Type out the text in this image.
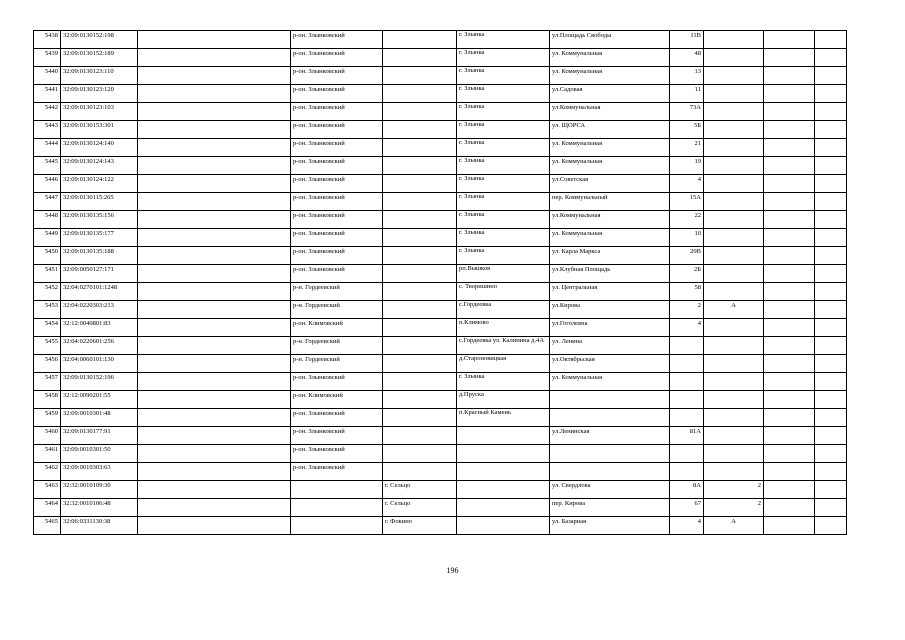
5438	32:09:0130152:198		р-он. Злынковский		г. Злынка	ул.Площадь Свободы	11В			
5439	32:09:0130152:189		р-он. Злынковский		г. Злынка	ул. Коммунальная	48			
5440	32:09:0130123:110		р-он. Злынковский		г. Злынка	ул. Коммунальная	13			
5441	32:09:0130123:120		р-он. Злынковский		г. Злынка	ул.Садовая	11			
5442	32:09:0130123:103		р-он. Злынковский		г. Злынка	ул.Коммунальная	73А			
5443	32:09:0130153:301		р-он. Злынковский		г. Злынка	ул. ЩОРСА	5Б			
5444	32:09:0130124:140		р-он. Злынковский		г. Злынка	ул. Коммунальная	21			
5445	32:09:0130124:143		р-он. Злынковский		г. Злынка	ул. Коммунальная	19			
5446	32:09:0130124:122		р-он. Злынковский		г. Злынка	ул.Советская	4			
5447	32:09:0130115:265		р-он. Злынковский		г. Злынка	пер. Коммунальный	15А			
5448	32:09:0130135:156		р-он. Злынковский		г. Злынка	ул.Коммунальная	22			
5449	32:09:0130135:177		р-он. Злынковский		г. Злынка	ул. Коммунальная	10			
5450	32:09:0130135:188		р-он. Злынковский		г. Злынка	ул. Карла Маркса	20В			
5451	32:09:0050127:171		р-он. Злынковский		рп.Вышков	ул.Клубная Площадь	2Б			
5452	32:04:0270101:1248		р-н. Гордеевский		с. Творишино	ул. Центральная	58			
5453	32:04:0220303:213		р-н. Гордеевский		с.Гордеевка	ул.Кирова	2	А		
5454	32:12:0040801:83		р-он. Климовский		п.Климово	ул.Гоголевна	4			
5455	32:04:0220601:256		р-н. Гордеевский		с.Гордеевка ул. Калинина д.4А	ул. Ленина				
5456	32:04:0060101:130		р-н. Гордеевский		д.Староновицкая	ул.Октябрьская				
5457	32:09:0130152:196		р-он. Злынковский		г. Злынка	ул. Коммунальная				
5458	32:12:0090201:55		р-он. Климовский		д.Пруска					
5459	32:09:0010301:48		р-он. Злынковский		п.Красный Камень					
5460	32:09:0130177:91		р-он. Злынковский			ул.Ленинская	81А			
5461	32:09:0010301:50		р-он. Злынковский							
5462	32:09:0010303:63		р-он. Злынковский							
5463	32:32:0010109:30			г. Сельцо		ул. Свердлова	8А	2		
5464	32:32:0010106:48			г. Сельцо		пер. Кирова	67	2		
5465	32:06:0331130:38			г. Фокино		ул. Базарная	4	А		
196
